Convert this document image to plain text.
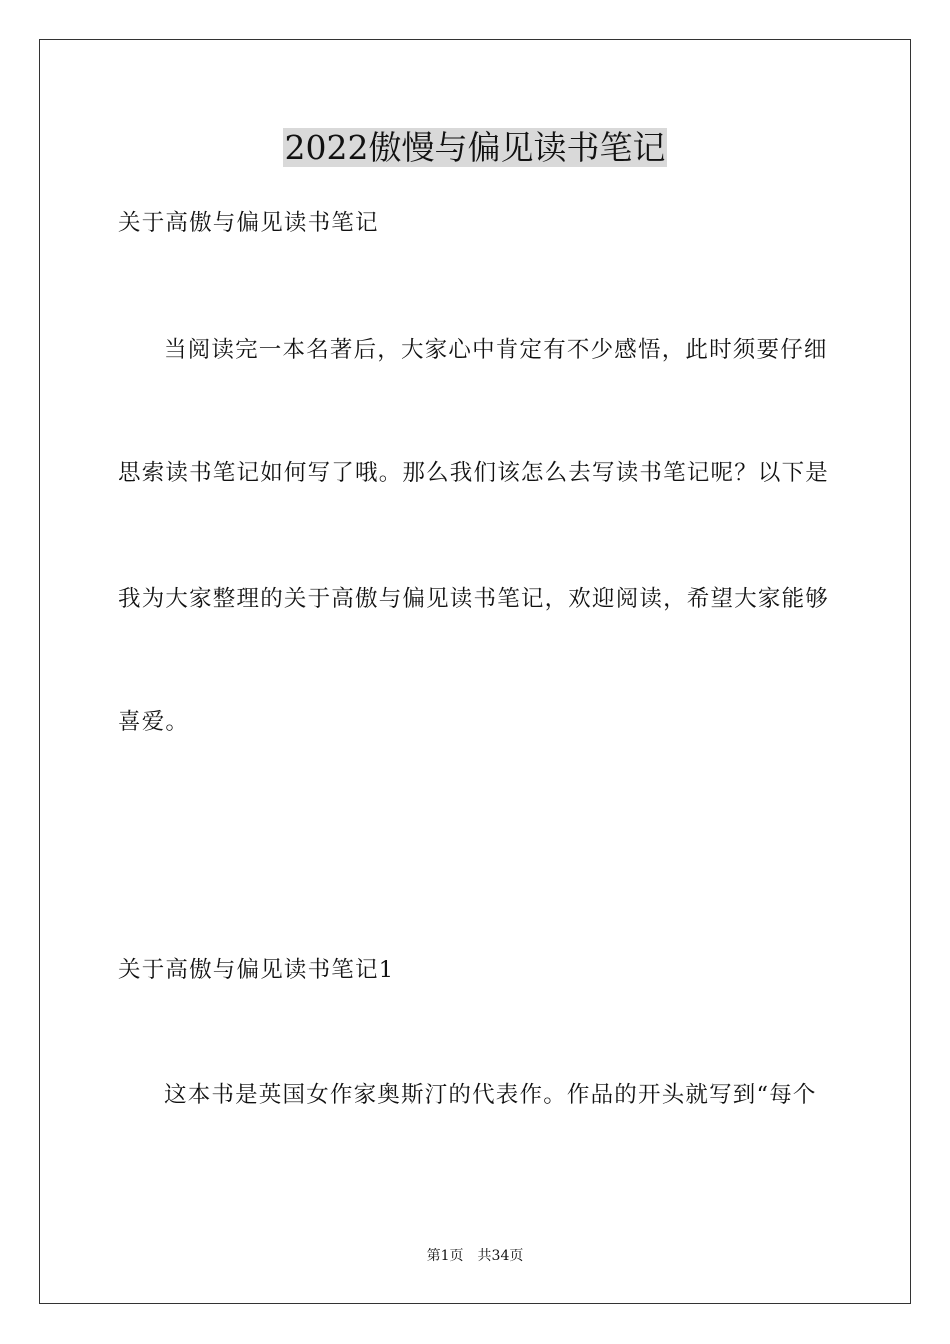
2022傲慢与偏见读书笔记
关于高傲与偏见读书笔记
当阅读完一本名著后，大家心中肯定有不少感悟，此时须要仔细
思索读书笔记如何写了哦。那么我们该怎么去写读书笔记呢？以下是
我为大家整理的关于高傲与偏见读书笔记，欢迎阅读，希望大家能够
喜爱。
关于高傲与偏见读书笔记1
这本书是英国女作家奥斯汀的代表作。作品的开头就写到“每个
第1页　共34页
